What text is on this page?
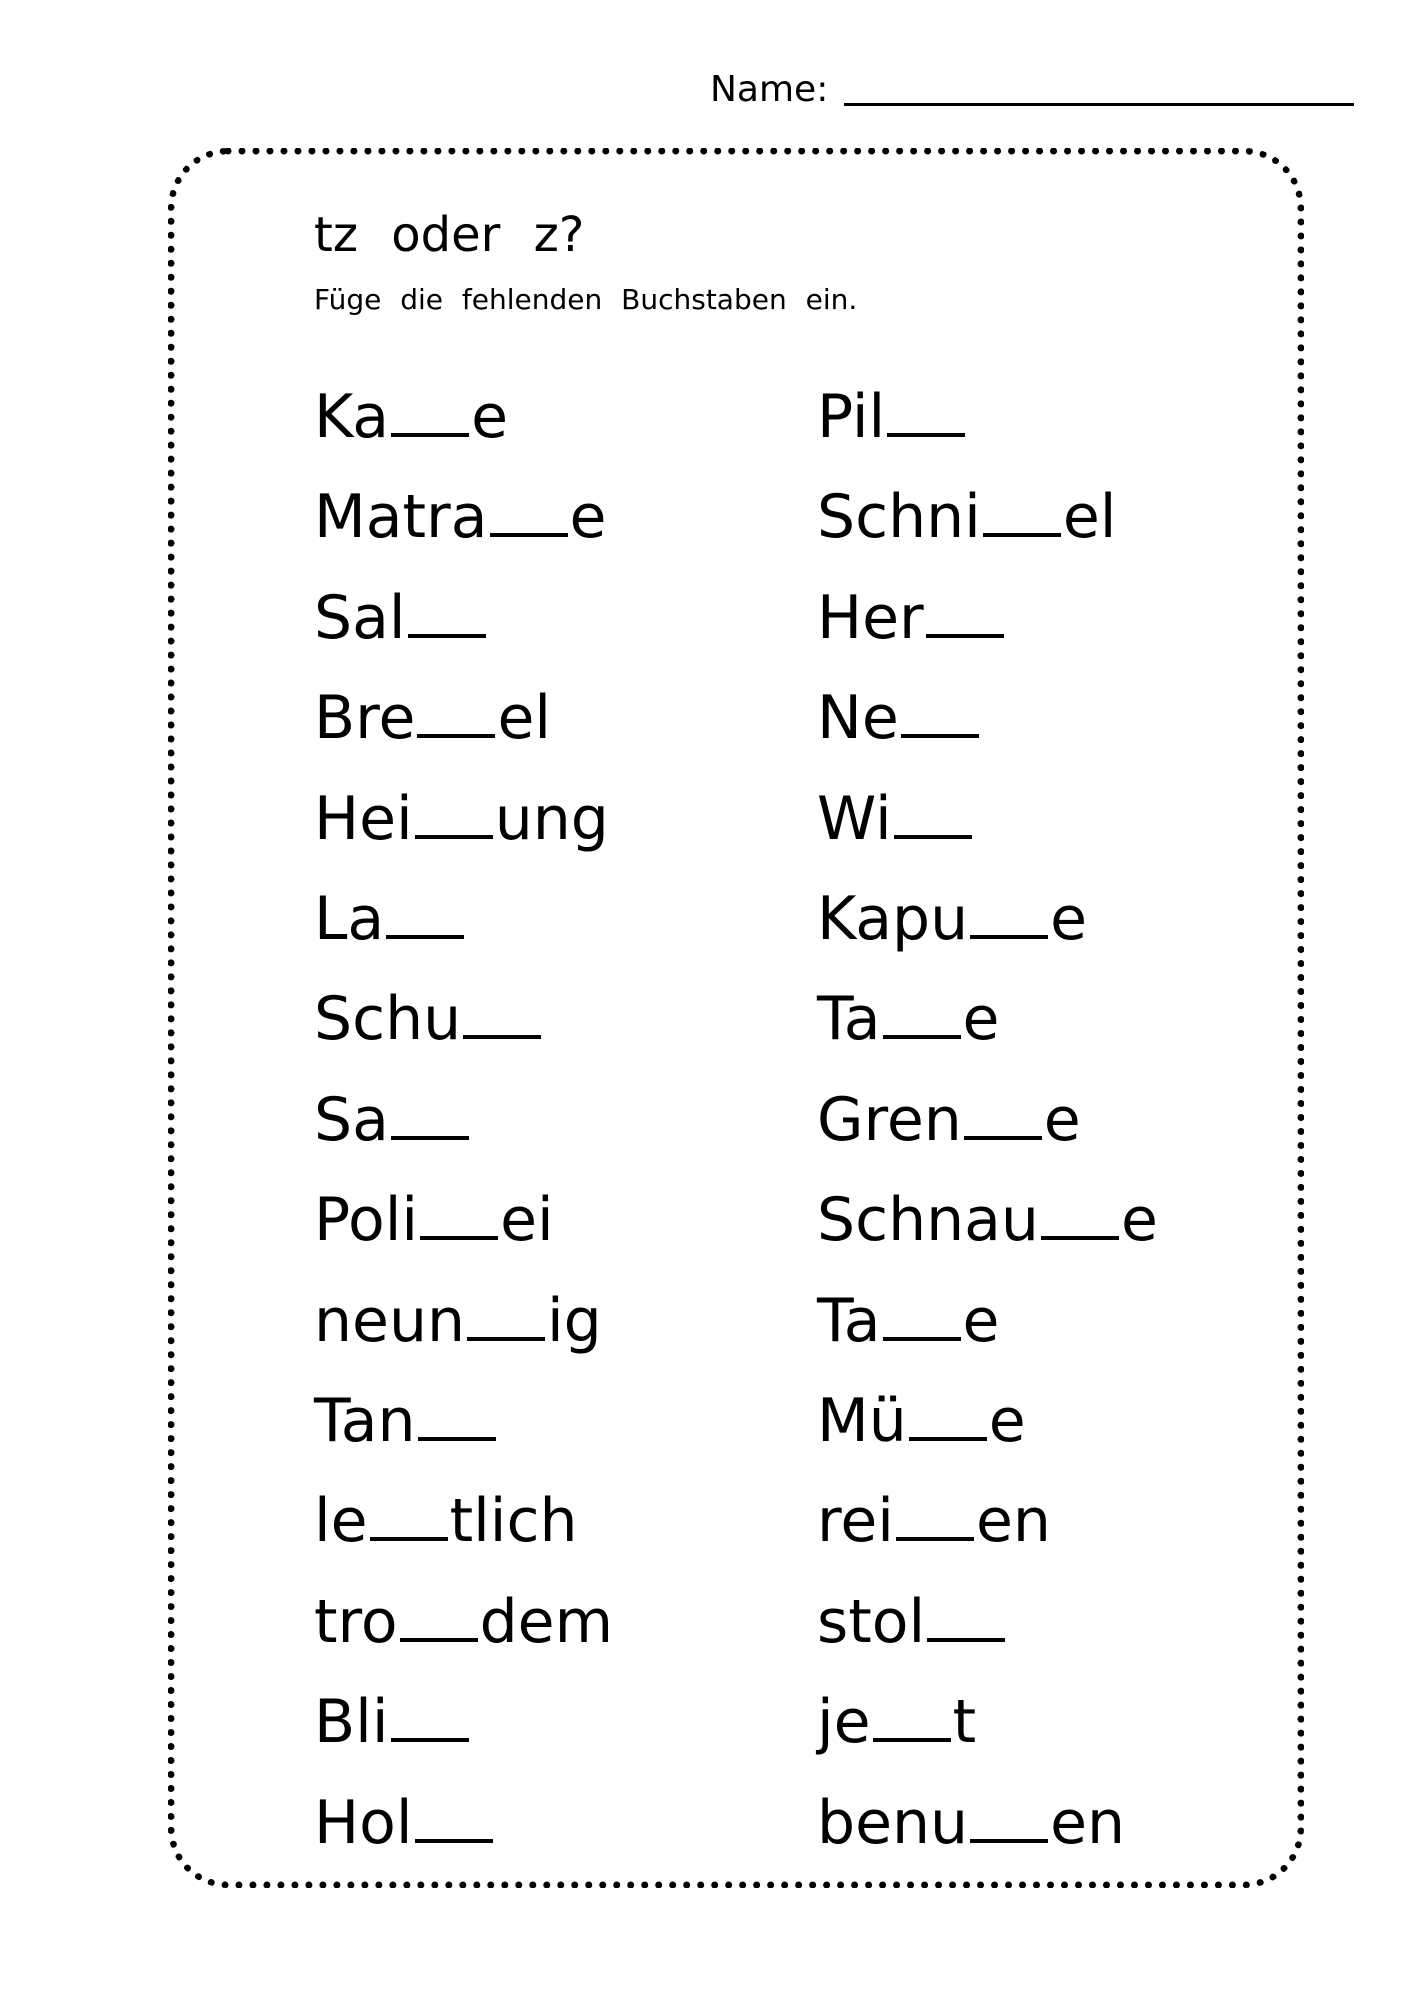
Name:
tz oder z?
Füge die fehlenden Buchstaben ein.
Ka e
Matra e
Sal
Bre el
Hei ung
La
Schu
Sa
Poli ei
neun ig
Tan
le tlich
tro dem
Bli
Hol
Pil
Schni el
Her
Ne
Wi
Kapu e
Ta e
Gren e
Schnau e
Ta e
Mü e
rei en
stol
je t
benu en
